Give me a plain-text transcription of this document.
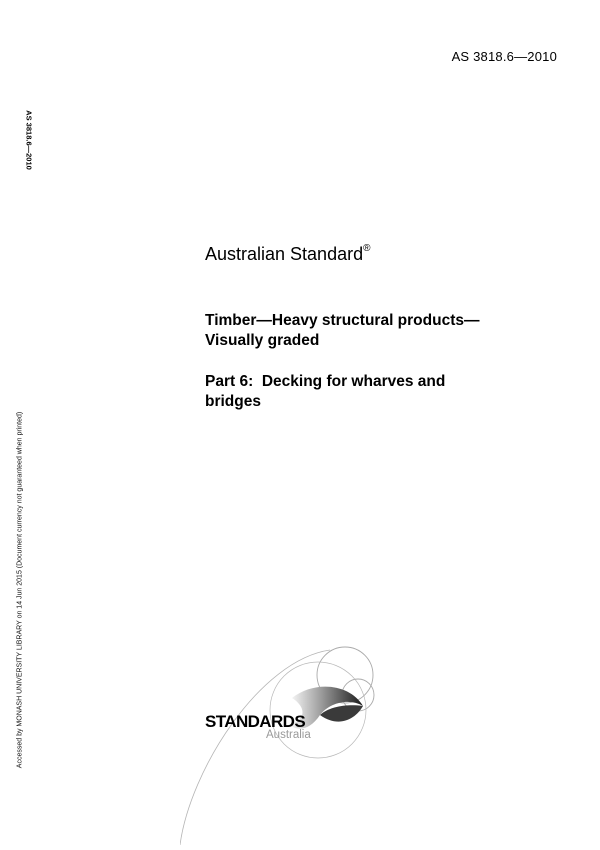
AS 3818.6—2010
AS 3818.6—2010
Accessed by MONASH UNIVERSITY LIBRARY on 14 Jun 2015 (Document currency not guaranteed when printed)
Australian Standard®
Timber—Heavy structural products—
Visually graded
Part 6:  Decking for wharves and
bridges
STANDARDS
Australia
